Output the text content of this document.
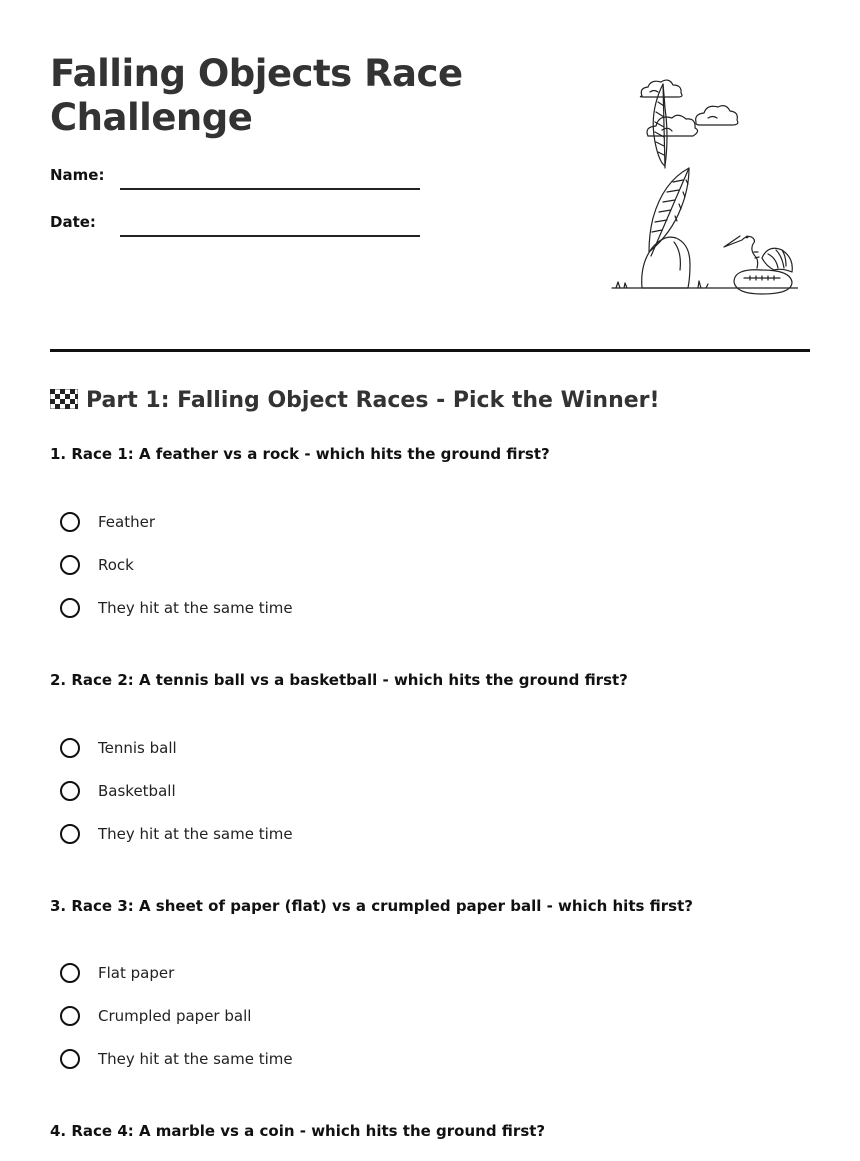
Falling Objects Race Challenge
Name:
Date:
Part 1: Falling Object Races - Pick the Winner!
1. Race 1: A feather vs a rock - which hits the ground first?
Feather
Rock
They hit at the same time
2. Race 2: A tennis ball vs a basketball - which hits the ground first?
Tennis ball
Basketball
They hit at the same time
3. Race 3: A sheet of paper (flat) vs a crumpled paper ball - which hits first?
Flat paper
Crumpled paper ball
They hit at the same time
4. Race 4: A marble vs a coin - which hits the ground first?
